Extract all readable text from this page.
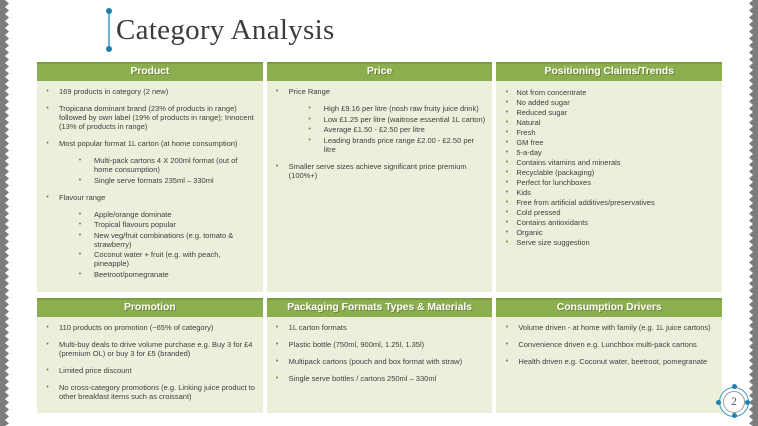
Category Analysis
Product
•	169 products in category (2 new)
•	Tropicana dominant brand (23% of products in range) followed by own label (19% of products in range); Innocent (13% of products in range)
•	Most popular format 1L carton (at home consumption)
• Multi-pack cartons 4 X 200ml format (out of home consumption)
• Single serve formats 235ml – 330ml
•	Flavour range
• Apple/orange dominate
• Tropical flavours popular
• New veg/fruit combinations (e.g. tomato & strawberry)
• Coconut water + fruit (e.g. with peach, pineapple)
• Beetroot/pomegranate
Price
•	Price Range
• High £9.16 per litre (nosh raw fruity juice drink)
• Low £1.25 per litre (waitrose essential 1L carton)
• Average £1.50 - £2.50 per litre
• Leading brands price range £2.00 - £2.50 per litre
•	Smaller serve sizes achieve significant price premium (100%+)
Positioning Claims/Trends
•	Not from concentrate
•	No added sugar
•	Reduced sugar
•	Natural
•	Fresh
•	GM free
•	5-a-day
•	Contains vitamins and minerals
•	Recyclable (packaging)
•	Perfect for lunchboxes
•	Kids
•	Free from artificial additives/preservatives
•	Cold pressed
•	Contains antioxidants
•	Organic
•	Serve size suggestion
Promotion
•	110 products on promotion (~65% of category)
•	Multi-buy deals to drive volume purchase e.g. Buy 3 for £4 (premium OL) or buy 3 for £5 (branded)
•	Limited price discount
•	No cross-category promotions (e.g. Linking juice product to other breakfast items such as croissant)
Packaging Formats Types & Materials
•	1L carton formats
•	Plastic bottle (750ml, 900ml, 1.25l, 1.35l)
•	Multipack cartons (pouch and box format with straw)
•	Single serve bottles / cartons 250ml – 330ml
Consumption Drivers
•	Volume driven - at home with family (e.g. 1L juice cartons)
•	Convenience driven e.g. Lunchbox multi-pack cartons
•	Health driven e.g. Coconut water, beetroot, pomegranate
2
